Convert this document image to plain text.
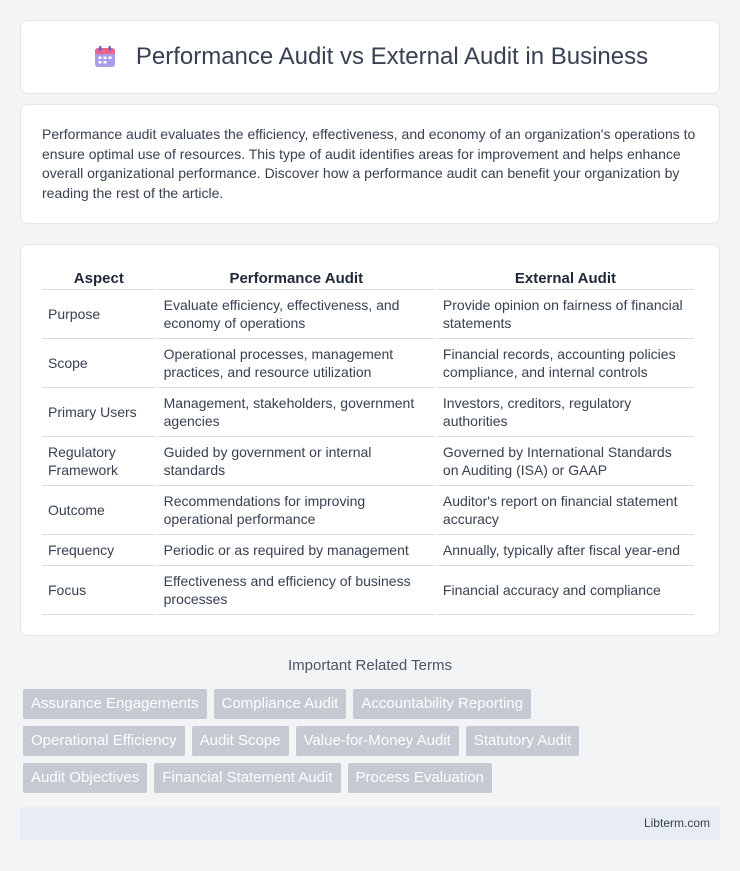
Performance Audit vs External Audit in Business

Performance audit evaluates the efficiency, effectiveness, and economy of an organization's operations to ensure optimal use of resources. This type of audit identifies areas for improvement and helps enhance overall organizational performance. Discover how a performance audit can benefit your organization by reading the rest of the article.

Aspect	Performance Audit	External Audit
Purpose	Evaluate efficiency, effectiveness, and economy of operations	Provide opinion on fairness of financial statements
Scope	Operational processes, management practices, and resource utilization	Financial records, accounting policies compliance, and internal controls
Primary Users	Management, stakeholders, government agencies	Investors, creditors, regulatory authorities
Regulatory Framework	Guided by government or internal standards	Governed by International Standards on Auditing (ISA) or GAAP
Outcome	Recommendations for improving operational performance	Auditor's report on financial statement accuracy
Frequency	Periodic or as required by management	Annually, typically after fiscal year-end
Focus	Effectiveness and efficiency of business processes	Financial accuracy and compliance
Important Related Terms
Assurance Engagements	Compliance Audit	Accountability Reporting
Operational Efficiency	Audit Scope	Value-for-Money Audit	Statutory Audit
Audit Objectives	Financial Statement Audit	Process Evaluation
Libterm.com
